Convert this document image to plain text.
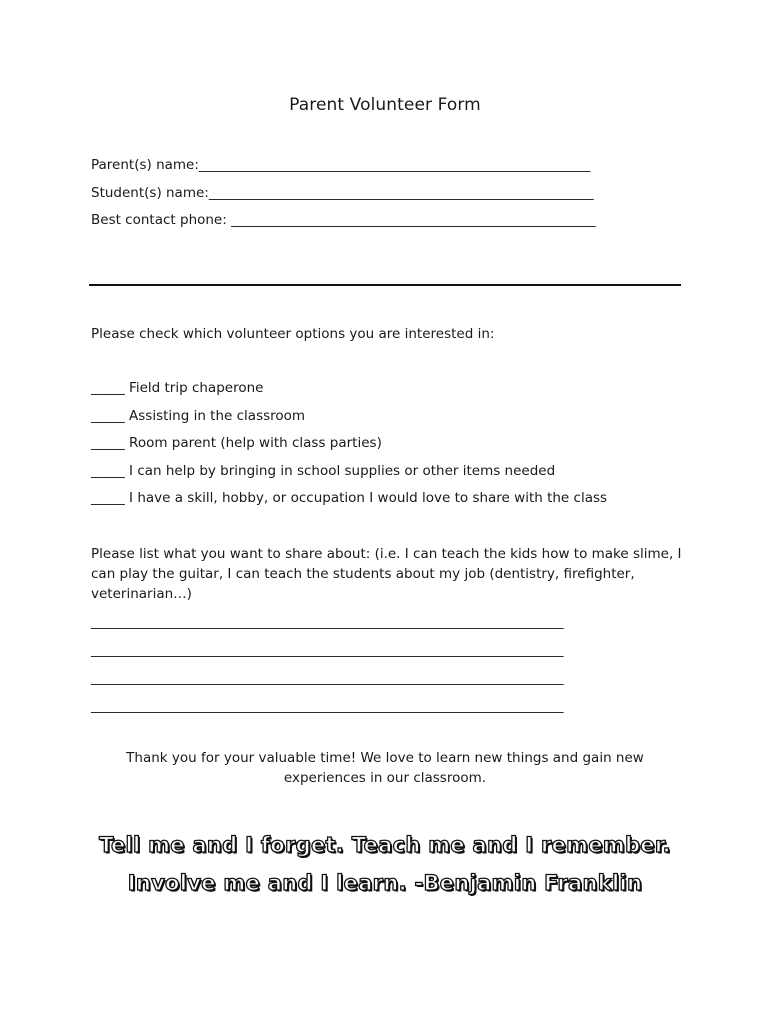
Parent Volunteer Form
Parent(s) name:__________________________________________________________
Student(s) name:_________________________________________________________
Best contact phone: ______________________________________________________
Please check which volunteer options you are interested in:
_____ Field trip chaperone
_____ Assisting in the classroom
_____ Room parent (help with class parties)
_____ I can help by bringing in school supplies or other items needed
_____ I have a skill, hobby, or occupation I would love to share with the class
Please list what you want to share about: (i.e. I can teach the kids how to make slime, I can play the guitar, I can teach the students about my job (dentistry, firefighter, veterinarian…)
______________________________________________________________________
______________________________________________________________________
______________________________________________________________________
______________________________________________________________________
Thank you for your valuable time! We love to learn new things and gain new experiences in our classroom.
Tell me and I forget. Teach me and I remember. Involve me and I learn. -Benjamin Franklin
